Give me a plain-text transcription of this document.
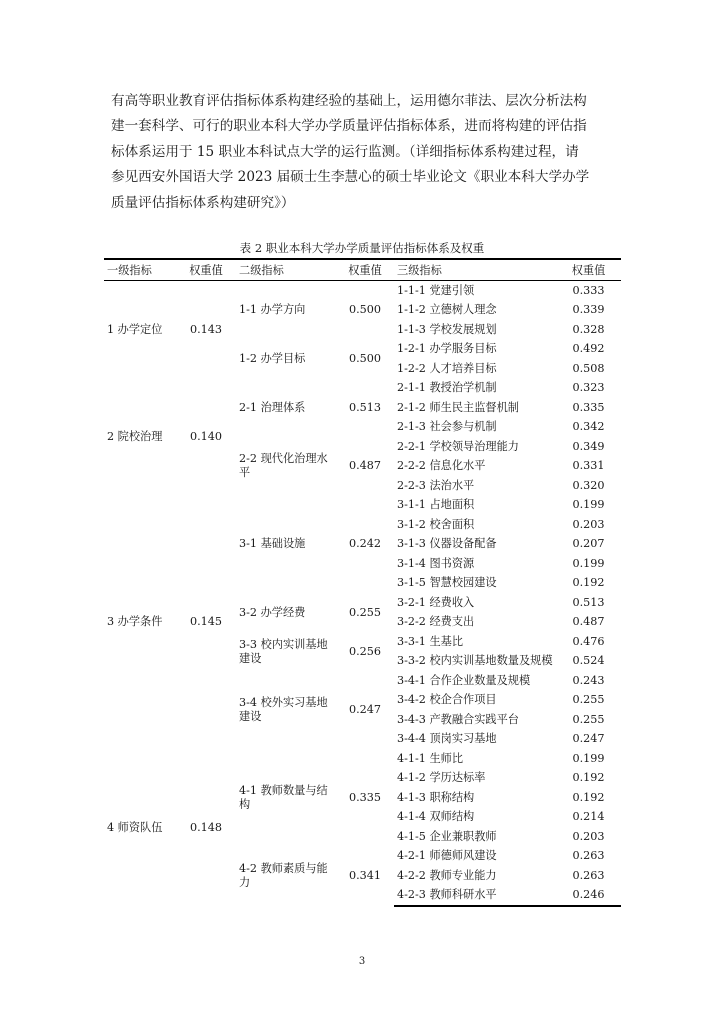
有高等职业教育评估指标体系构建经验的基础上，运用德尔菲法、层次分析法构
建一套科学、可行的职业本科大学办学质量评估指标体系，进而将构建的评估指
标体系运用于 15 职业本科试点大学的运行监测。（详细指标体系构建过程，请
参见西安外国语大学 2023 届硕士生李慧心的硕士毕业论文《职业本科大学办学
质量评估指标体系构建研究》）
表 2 职业本科大学办学质量评估指标体系及权重
一级指标	权重值	二级指标	权重值	三级指标	权重值
1 办学定位	0.143	1-1 办学方向	0.500	1-1-1 党建引领	0.333
				1-1-2 立德树人理念	0.339
				1-1-3 学校发展规划	0.328
		1-2 办学目标	0.500	1-2-1 办学服务目标	0.492
				1-2-2 人才培养目标	0.508
2 院校治理	0.140	2-1 治理体系	0.513	2-1-1 教授治学机制	0.323
				2-1-2 师生民主监督机制	0.335
				2-1-3 社会参与机制	0.342
		2-2 现代化治理水平	0.487	2-2-1 学校领导治理能力	0.349
				2-2-2 信息化水平	0.331
				2-2-3 法治水平	0.320
3 办学条件	0.145	3-1 基础设施	0.242	3-1-1 占地面积	0.199
				3-1-2 校舍面积	0.203
				3-1-3 仪器设备配备	0.207
				3-1-4 图书资源	0.199
				3-1-5 智慧校园建设	0.192
		3-2 办学经费	0.255	3-2-1 经费收入	0.513
				3-2-2 经费支出	0.487
		3-3 校内实训基地建设	0.256	3-3-1 生基比	0.476
				3-3-2 校内实训基地数量及规模	0.524
		3-4 校外实习基地建设	0.247	3-4-1 合作企业数量及规模	0.243
				3-4-2 校企合作项目	0.255
				3-4-3 产教融合实践平台	0.255
				3-4-4 顶岗实习基地	0.247
4 师资队伍	0.148	4-1 教师数量与结构	0.335	4-1-1 生师比	0.199
				4-1-2 学历达标率	0.192
				4-1-3 职称结构	0.192
				4-1-4 双师结构	0.214
				4-1-5 企业兼职教师	0.203
		4-2 教师素质与能力	0.341	4-2-1 师德师风建设	0.263
				4-2-2 教师专业能力	0.263
				4-2-3 教师科研水平	0.246
3
